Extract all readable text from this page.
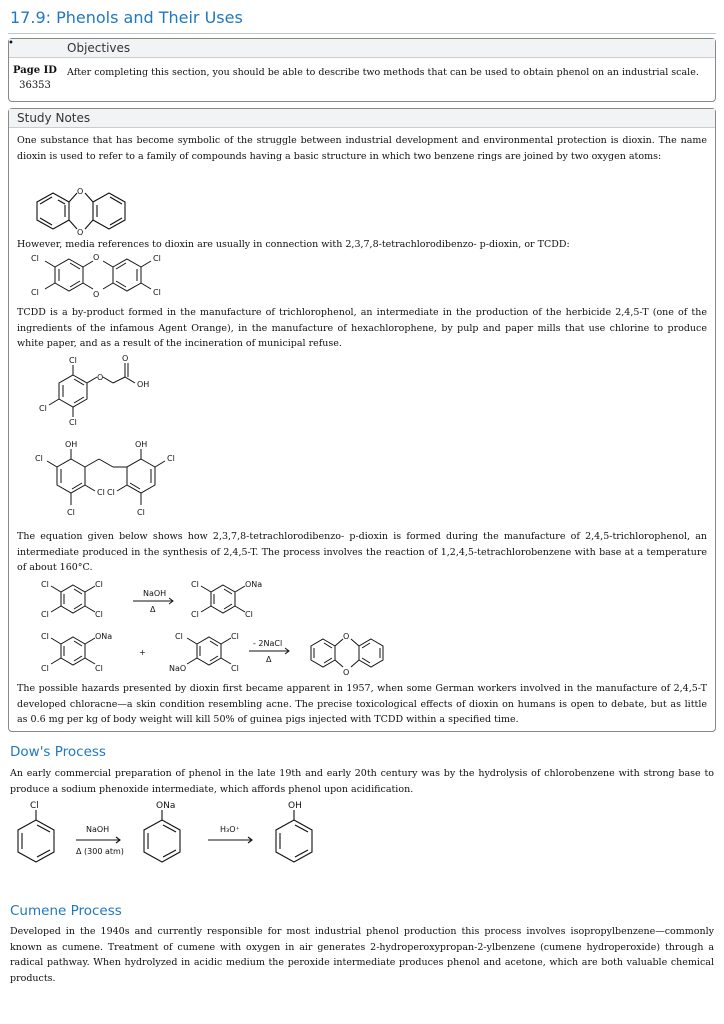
17.9: Phenols and Their Uses
Objectives
Page ID
36353
After completing this section, you should be able to describe two methods that can be used to obtain phenol on an industrial scale.
•
Study Notes
One substance that has become symbolic of the struggle between industrial development and environmental protection is dioxin. The name dioxin is used to refer to a family of compounds having a basic structure in which two benzene rings are joined by two oxygen atoms:
O
O
However, media references to dioxin are usually in connection with 2,3,7,8-tetrachlorodibenzo- p-dioxin, or TCDD:
O
O
Cl
Cl
Cl
Cl
TCDD is a by-product formed in the manufacture of trichlorophenol, an intermediate in the production of the herbicide 2,4,5-T (one of the ingredients of the infamous Agent Orange), in the manufacture of hexachlorophene, by pulp and paper mills that use chlorine to produce white paper, and as a result of the incineration of municipal refuse.
Cl
Cl
Cl
O
O
OH
OH	OH
Cl
Cl
Cl
Cl
Cl
Cl
The equation given below shows how 2,3,7,8-tetrachlorodibenzo- p-dioxin is formed during the manufacture of 2,4,5-trichlorophenol, an intermediate produced in the synthesis of 2,4,5-T. The process involves the reaction of 1,2,4,5-tetrachlorobenzene with base at a temperature of about 160°C.
Cl
Cl
Cl
Cl
NaOH
Δ
Cl
Cl
ONa
Cl
Cl
Cl
ONa
Cl
+
Cl
NaO
Cl
Cl
- 2NaCl
Δ
O
O
The possible hazards presented by dioxin first became apparent in 1957, when some German workers involved in the manufacture of 2,4,5-T developed chloracne—a skin condition resembling acne. The precise toxicological effects of dioxin on humans is open to debate, but as little as 0.6 mg per kg of body weight will kill 50% of guinea pigs injected with TCDD within a specified time.
Dow's Process
An early commercial preparation of phenol in the late 19th and early 20th century was by the hydrolysis of chlorobenzene with strong base to produce a sodium phenoxide intermediate, which affords phenol upon acidification.
Cl
NaOH
Δ (300 atm)
ONa
H₃O⁺
OH
Cumene Process
Developed in the 1940s and currently responsible for most industrial phenol production this process involves isopropylbenzene—commonly known as cumene. Treatment of cumene with oxygen in air generates 2-hydroperoxypropan-2-ylbenzene (cumene hydroperoxide) through a radical pathway. When hydrolyzed in acidic medium the peroxide intermediate produces phenol and acetone, which are both valuable chemical products.
